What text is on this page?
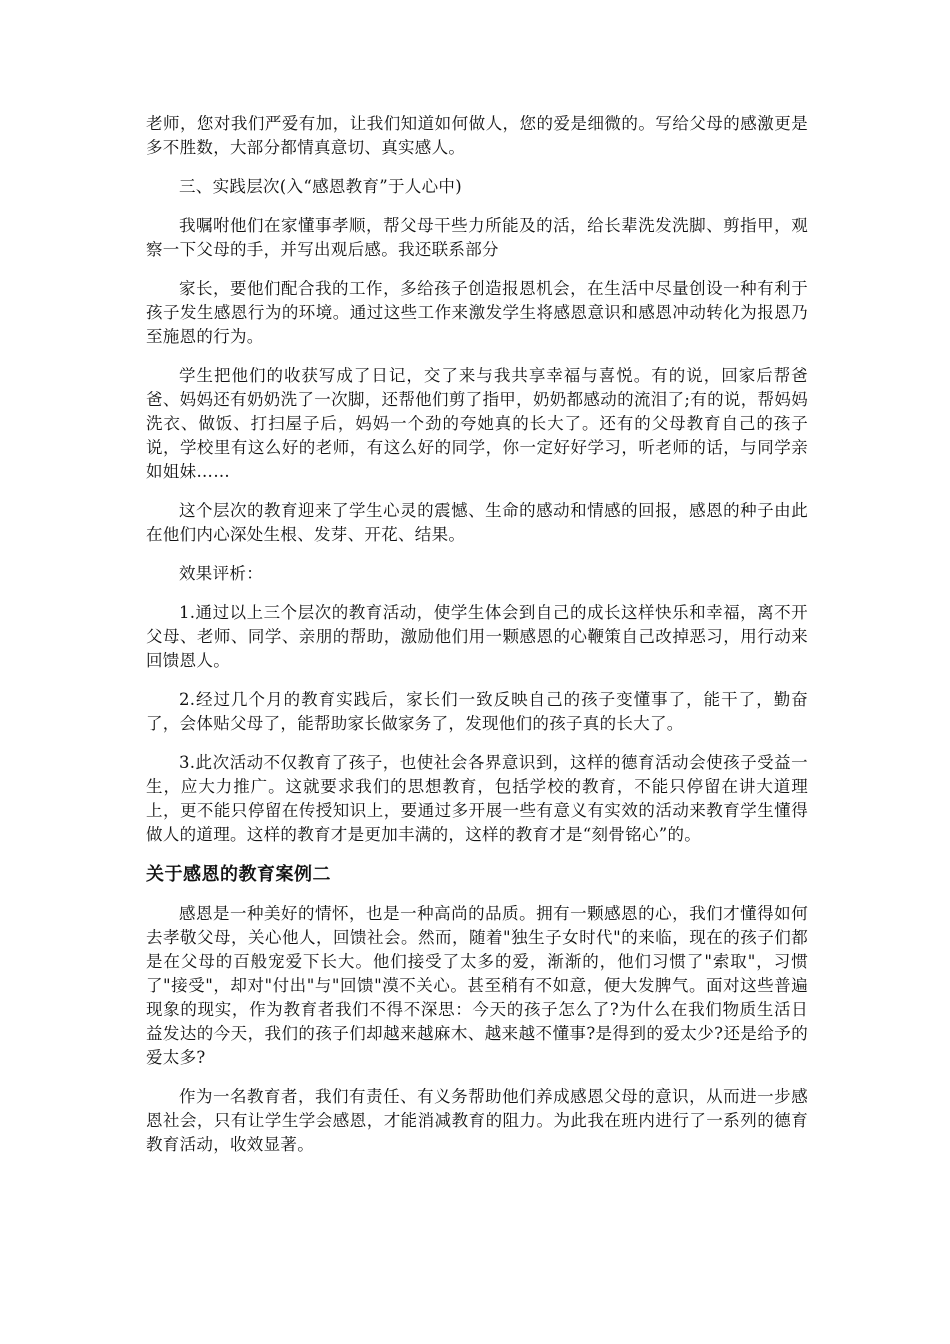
老师，您对我们严爱有加，让我们知道如何做人，您的爱是细微的。写给父母的感激更是多不胜数，大部分都情真意切、真实感人。

三、实践层次(入“感恩教育”于人心中)

我嘱咐他们在家懂事孝顺，帮父母干些力所能及的活，给长辈洗发洗脚、剪指甲，观察一下父母的手，并写出观后感。我还联系部分

家长，要他们配合我的工作，多给孩子创造报恩机会，在生活中尽量创设一种有利于孩子发生感恩行为的环境。通过这些工作来激发学生将感恩意识和感恩冲动转化为报恩乃至施恩的行为。

学生把他们的收获写成了日记，交了来与我共享幸福与喜悦。有的说，回家后帮爸爸、妈妈还有奶奶洗了一次脚，还帮他们剪了指甲，奶奶都感动的流泪了;有的说，帮妈妈洗衣、做饭、打扫屋子后，妈妈一个劲的夸她真的长大了。还有的父母教育自己的孩子说，学校里有这么好的老师，有这么好的同学，你一定好好学习，听老师的话，与同学亲如姐妹……

这个层次的教育迎来了学生心灵的震憾、生命的感动和情感的回报，感恩的种子由此在他们内心深处生根、发芽、开花、结果。

效果评析：

1.通过以上三个层次的教育活动，使学生体会到自己的成长这样快乐和幸福，离不开父母、老师、同学、亲朋的帮助，激励他们用一颗感恩的心鞭策自己改掉恶习，用行动来回馈恩人。

2.经过几个月的教育实践后，家长们一致反映自己的孩子变懂事了，能干了，勤奋了，会体贴父母了，能帮助家长做家务了，发现他们的孩子真的长大了。

3.此次活动不仅教育了孩子，也使社会各界意识到，这样的德育活动会使孩子受益一生，应大力推广。这就要求我们的思想教育，包括学校的教育，不能只停留在讲大道理上，更不能只停留在传授知识上，要通过多开展一些有意义有实效的活动来教育学生懂得做人的道理。这样的教育才是更加丰满的，这样的教育才是“刻骨铭心”的。

关于感恩的教育案例二

感恩是一种美好的情怀，也是一种高尚的品质。拥有一颗感恩的心，我们才懂得如何去孝敬父母，关心他人，回馈社会。然而，随着"独生子女时代"的来临，现在的孩子们都是在父母的百般宠爱下长大。他们接受了太多的爱，渐渐的，他们习惯了"索取"，习惯了"接受"，却对"付出"与"回馈"漠不关心。甚至稍有不如意，便大发脾气。面对这些普遍现象的现实，作为教育者我们不得不深思：今天的孩子怎么了?为什么在我们物质生活日益发达的今天，我们的孩子们却越来越麻木、越来越不懂事?是得到的爱太少?还是给予的爱太多?

作为一名教育者，我们有责任、有义务帮助他们养成感恩父母的意识，从而进一步感恩社会，只有让学生学会感恩，才能消减教育的阻力。为此我在班内进行了一系列的德育教育活动，收效显著。
